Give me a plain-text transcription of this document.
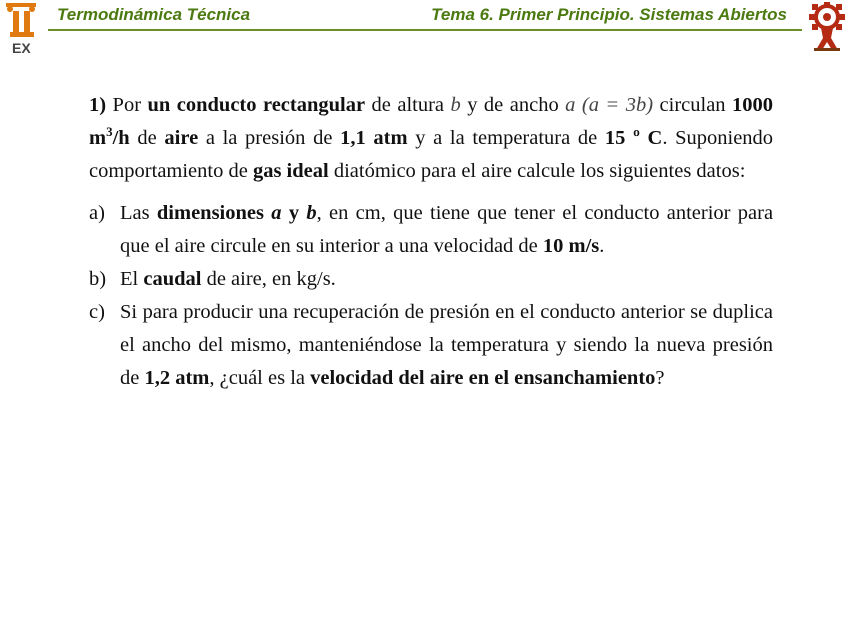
EX
Termodinámica Técnica	Tema 6. Primer Principio. Sistemas Abiertos

1) Por un conducto rectangular de altura b y de ancho a (a = 3b) circulan 1000 $m^3/h$ de aire a la presión de 1,1 atm y a la temperatura de 15 º C. Suponiendo comportamiento de gas ideal diatómico para el aire calcule los siguientes datos:

a) Las dimensiones a y b, en cm, que tiene que tener el conducto anterior para que el aire circule en su interior a una velocidad de 10 m/s.

b) El caudal de aire, en kg/s.

c) Si para producir una recuperación de presión en el conducto anterior se duplica el ancho del mismo, manteniéndose la temperatura y siendo la nueva presión de 1,2 atm, ¿cuál es la velocidad del aire en el ensanchamiento?
